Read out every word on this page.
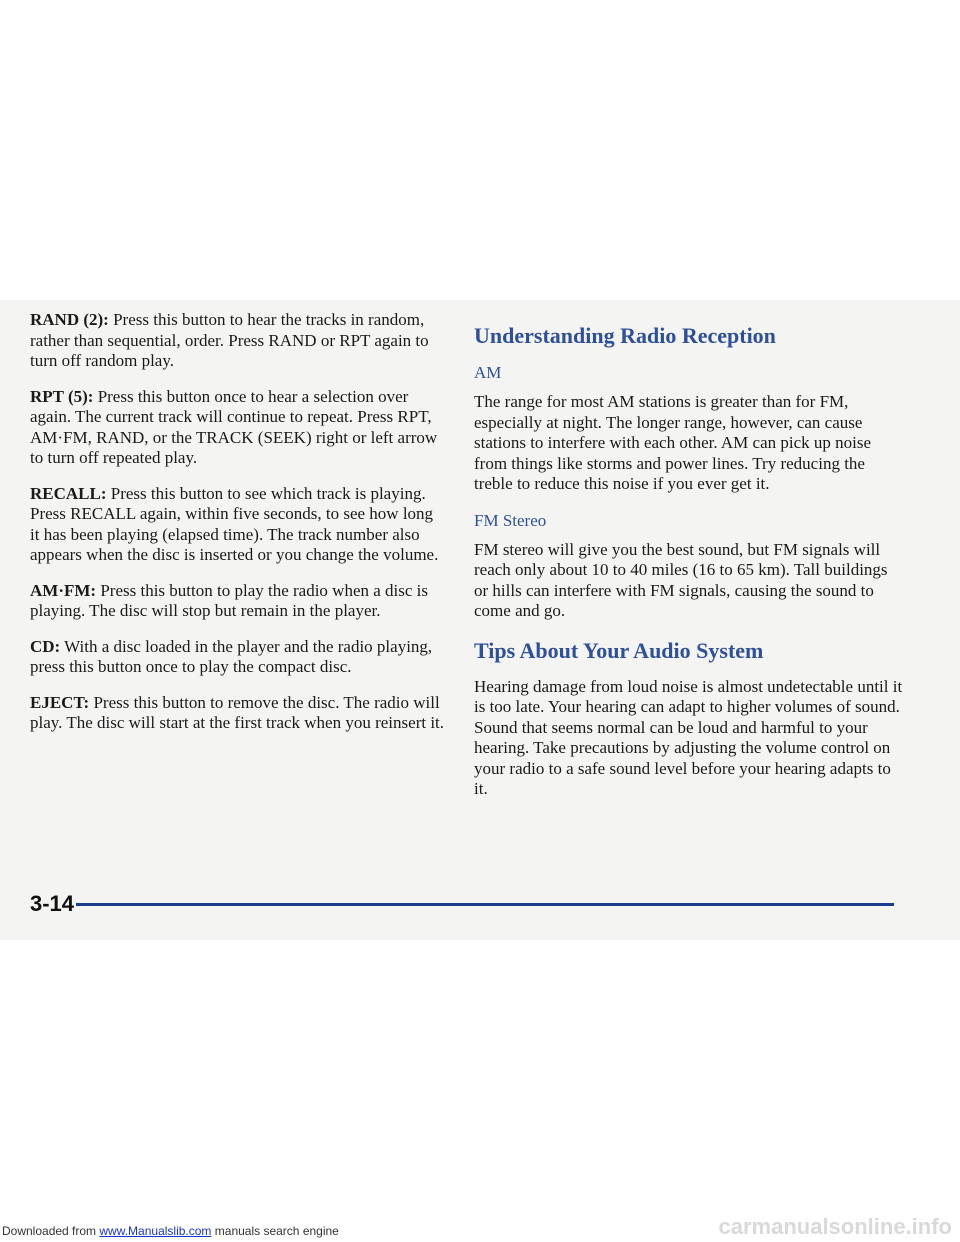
RAND (2): Press this button to hear the tracks in random, rather than sequential, order. Press RAND or RPT again to turn off random play.

RPT (5): Press this button once to hear a selection over again. The current track will continue to repeat. Press RPT, AM·FM, RAND, or the TRACK (SEEK) right or left arrow to turn off repeated play.

RECALL: Press this button to see which track is playing. Press RECALL again, within five seconds, to see how long it has been playing (elapsed time). The track number also appears when the disc is inserted or you change the volume.

AM·FM: Press this button to play the radio when a disc is playing. The disc will stop but remain in the player.

CD: With a disc loaded in the player and the radio playing, press this button once to play the compact disc.

EJECT: Press this button to remove the disc. The radio will play. The disc will start at the first track when you reinsert it.

Understanding Radio Reception
AM

The range for most AM stations is greater than for FM, especially at night. The longer range, however, can cause stations to interfere with each other. AM can pick up noise from things like storms and power lines. Try reducing the treble to reduce this noise if you ever get it.

FM Stereo

FM stereo will give you the best sound, but FM signals will reach only about 10 to 40 miles (16 to 65 km). Tall buildings or hills can interfere with FM signals, causing the sound to come and go.

Tips About Your Audio System

Hearing damage from loud noise is almost undetectable until it is too late. Your hearing can adapt to higher volumes of sound. Sound that seems normal can be loud and harmful to your hearing. Take precautions by adjusting the volume control on your radio to a safe sound level before your hearing adapts to it.

3-14
Downloaded from www.Manualslib.com manuals search engine	carmanualsonline.info
